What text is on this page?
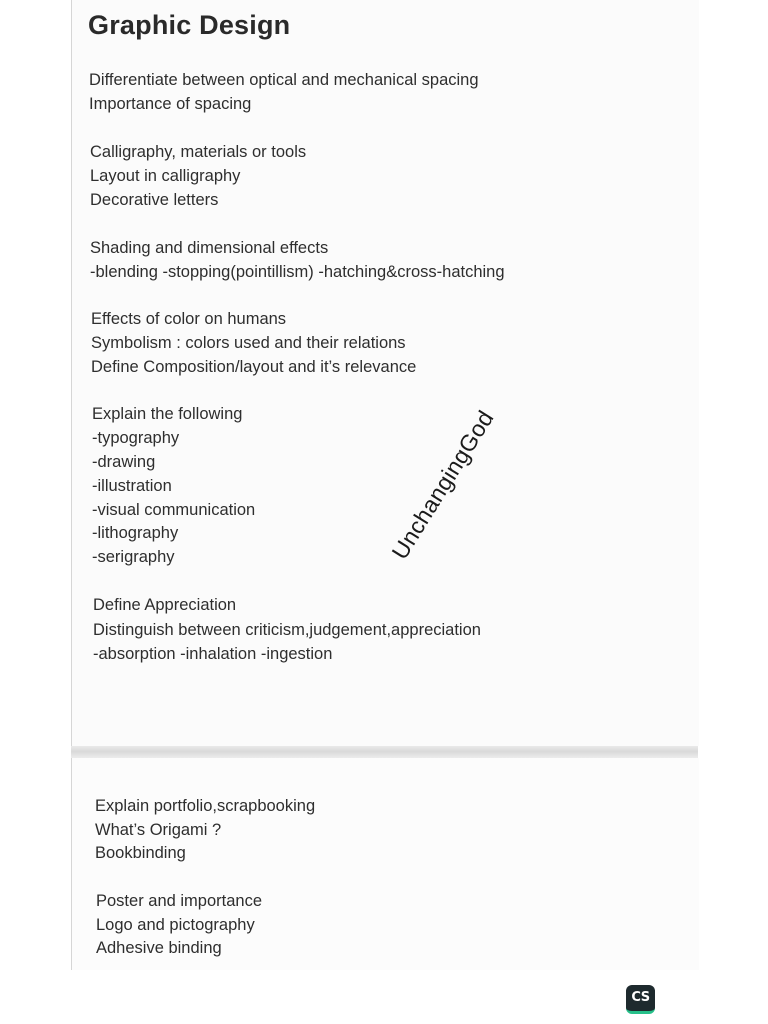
Graphic Design

Differentiate between optical and mechanical spacing

Importance of spacing

Calligraphy, materials or tools

Layout in calligraphy

Decorative letters

Shading and dimensional effects

-blending -stopping(pointillism) -hatching&cross-hatching

Effects of color on humans

Symbolism : colors used and their relations

Define Composition/layout and it’s relevance

Explain the following

-typography

-drawing

-illustration

-visual communication

-lithography

-serigraphy

Define Appreciation

Distinguish between criticism,judgement,appreciation

-absorption -inhalation -ingestion

Explain portfolio,scrapbooking

What’s Origami ?

Bookbinding

Poster and importance

Logo and pictography

Adhesive binding

UnchangingGod
CS
